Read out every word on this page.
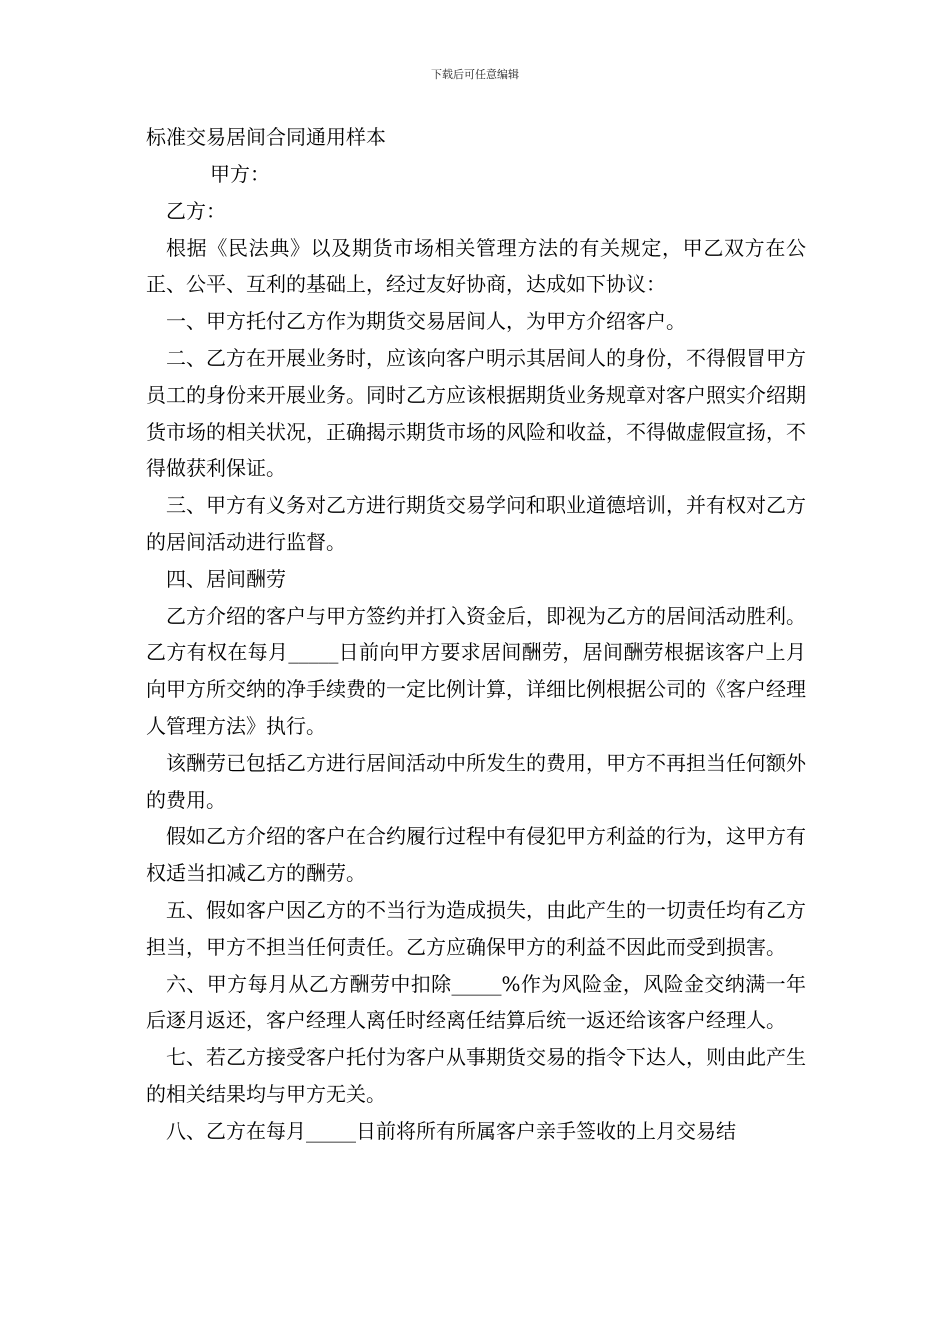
下载后可任意编辑
标准交易居间合同通用样本

甲方：

乙方：

根据《民法典》以及期货市场相关管理方法的有关规定，甲乙双方在公正、公平、互利的基础上，经过友好协商，达成如下协议：

一、甲方托付乙方作为期货交易居间人，为甲方介绍客户。

二、乙方在开展业务时，应该向客户明示其居间人的身份，不得假冒甲方员工的身份来开展业务。同时乙方应该根据期货业务规章对客户照实介绍期货市场的相关状况，正确揭示期货市场的风险和收益，不得做虚假宣扬，不得做获利保证。

三、甲方有义务对乙方进行期货交易学问和职业道德培训，并有权对乙方的居间活动进行监督。

四、居间酬劳

乙方介绍的客户与甲方签约并打入资金后，即视为乙方的居间活动胜利。乙方有权在每月_____日前向甲方要求居间酬劳，居间酬劳根据该客户上月向甲方所交纳的净手续费的一定比例计算，详细比例根据公司的《客户经理人管理方法》执行。

该酬劳已包括乙方进行居间活动中所发生的费用，甲方不再担当任何额外的费用。

假如乙方介绍的客户在合约履行过程中有侵犯甲方利益的行为，这甲方有权适当扣减乙方的酬劳。

五、假如客户因乙方的不当行为造成损失，由此产生的一切责任均有乙方担当，甲方不担当任何责任。乙方应确保甲方的利益不因此而受到损害。

六、甲方每月从乙方酬劳中扣除_____%作为风险金，风险金交纳满一年后逐月返还，客户经理人离任时经离任结算后统一返还给该客户经理人。

七、若乙方接受客户托付为客户从事期货交易的指令下达人，则由此产生的相关结果均与甲方无关。

八、乙方在每月_____日前将所有所属客户亲手签收的上月交易结
